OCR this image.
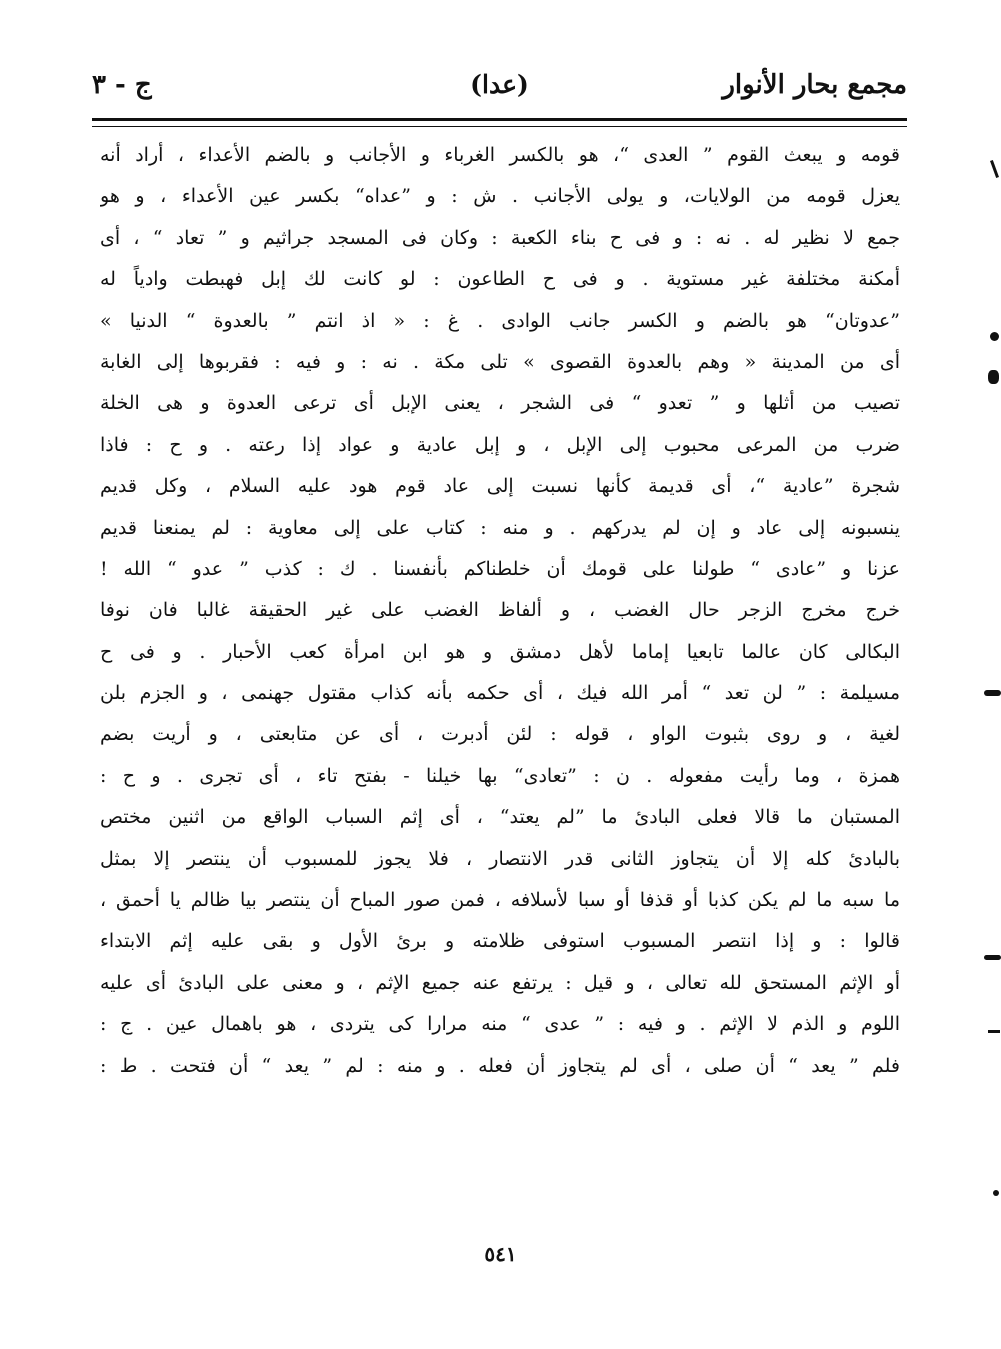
مجمع بحار الأنوار
(عدا)
ج - ٣
قومه و يبعث القوم ” العدى “، هو بالكسر الغرباء و الأجانب و بالضم الأعداء ، أراد أنه
يعزل قومه من الولايات، و يولى الأجانب . ش : و ”عداه“ بكسر عين الأعداء ، و هو
جمع لا نظير له . نه : و فى ح بناء الكعبة : وكان فى المسجد جراثيم و ” تعاد “ ، أى
أمكنة مختلفة غير مستوية . و فى ح الطاعون : لو كانت لك إبل فهبطت وادياً له
”عدوتان“ هو بالضم و الكسر جانب الوادى . غ : « اذ انتم ” بالعدوة “ الدنيا »
أى من المدينة « وهم بالعدوة القصوى » تلى مكة . نه : و فيه : فقربوها إلى الغابة
تصيب من أثلها و ” تعدو “ فى الشجر ، يعنى الإبل أى ترعى العدوة و هى الخلة
ضرب من المرعى محبوب إلى الإبل ، و إبل عادية و عواد إذا رعته . و ح : فاذا
شجرة ”عادية “، أى قديمة كأنها نسبت إلى عاد قوم هود عليه السلام ، وكل قديم
ينسبونه إلى عاد و إن لم يدركهم . و منه : كتاب على إلى معاوية : لم يمنعنا قديم
عزنا و ”عادى “ طولنا على قومك أن خلطناكم بأنفسنا . ك : كذب ” عدو “ الله !
خرج مخرج الزجر حال الغضب ، و ألفاظ الغضب على غير الحقيقة غالبا فان نوفا
البكالى كان عالما تابعيا إماما لأهل دمشق و هو ابن امرأة كعب الأحبار . و فى ح
مسيلمة : ” لن تعد “ أمر الله فيك ، أى حكمه بأنه كذاب مقتول جهنمى ، و الجزم بلن
لغية ، و روى بثبوت الواو ، قوله : لئن أدبرت ، أى عن متابعتى ، و أريت بضم
همزة ، وما رأيت مفعوله . ن : ”تعادى“ بها خيلنا - بفتح تاء ، أى تجرى . و ح :
المستبان ما قالا فعلى البادئ ما ”لم يعتد“ ، أى إثم السباب الواقع من اثنين مختص
بالبادئ كله إلا أن يتجاوز الثانى قدر الانتصار ، فلا يجوز للمسبوب أن ينتصر إلا بمثل
ما سبه ما لم يكن كذبا أو قذفا أو سبا لأسلافه ، فمن صور المباح أن ينتصر بيا ظالم يا أحمق ،
قالوا : و إذا انتصر المسبوب استوفى ظلامته و برئ الأول و بقى عليه إثم الابتداء
أو الإثم المستحق لله تعالى ، و قيل : يرتفع عنه جميع الإثم ، و معنى على البادئ أى عليه
اللوم و الذم لا الإثم . و فيه : ” عدى “ منه مرارا كى يتردى ، هو باهمال عين . ج :
فلم ” يعد “ أن صلى ، أى لم يتجاوز أن فعله . و منه : لم ” يعد “ أن فتحت . ط :
٥٤١
